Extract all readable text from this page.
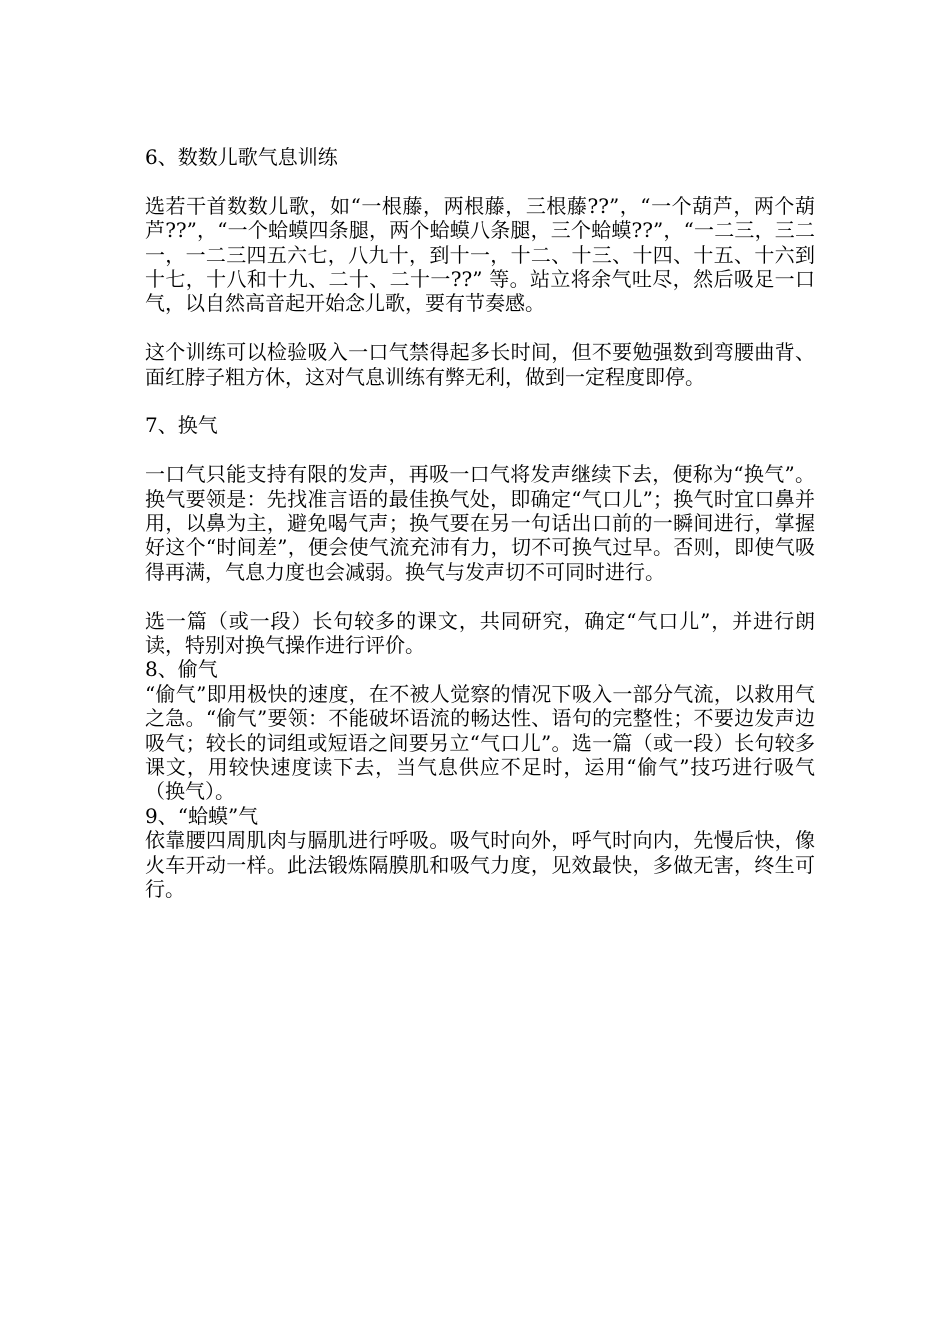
6、数数儿歌气息训练

选若干首数数儿歌，如“一根藤，两根藤，三根藤??”，“一个葫芦，两个葫芦??”，“一个蛤蟆四条腿，两个蛤蟆八条腿，三个蛤蟆??”，“一二三，三二一，一二三四五六七，八九十，到十一，十二、十三、十四、十五、十六到十七，十八和十九、二十、二十一??” 等。站立将余气吐尽，然后吸足一口气，以自然高音起开始念儿歌，要有节奏感。

这个训练可以检验吸入一口气禁得起多长时间，但不要勉强数到弯腰曲背、面红脖子粗方休，这对气息训练有弊无利，做到一定程度即停。

7、换气

一口气只能支持有限的发声，再吸一口气将发声继续下去，便称为“换气”。换气要领是：先找准言语的最佳换气处，即确定“气口儿”；换气时宜口鼻并用，以鼻为主，避免喝气声；换气要在另一句话出口前的一瞬间进行，掌握好这个“时间差”，便会使气流充沛有力，切不可换气过早。否则，即使气吸得再满，气息力度也会减弱。换气与发声切不可同时进行。

选一篇（或一段）长句较多的课文，共同研究，确定“气口儿”，并进行朗读，特别对换气操作进行评价。

8、偷气

“偷气”即用极快的速度，在不被人觉察的情况下吸入一部分气流，以救用气之急。“偷气”要领：不能破坏语流的畅达性、语句的完整性；不要边发声边吸气；较长的词组或短语之间要另立“气口儿”。选一篇（或一段）长句较多课文，用较快速度读下去，当气息供应不足时，运用“偷气”技巧进行吸气（换气）。

9、“蛤蟆”气

依靠腰四周肌肉与膈肌进行呼吸。吸气时向外，呼气时向内，先慢后快，像火车开动一样。此法锻炼隔膜肌和吸气力度，见效最快，多做无害，终生可行。
